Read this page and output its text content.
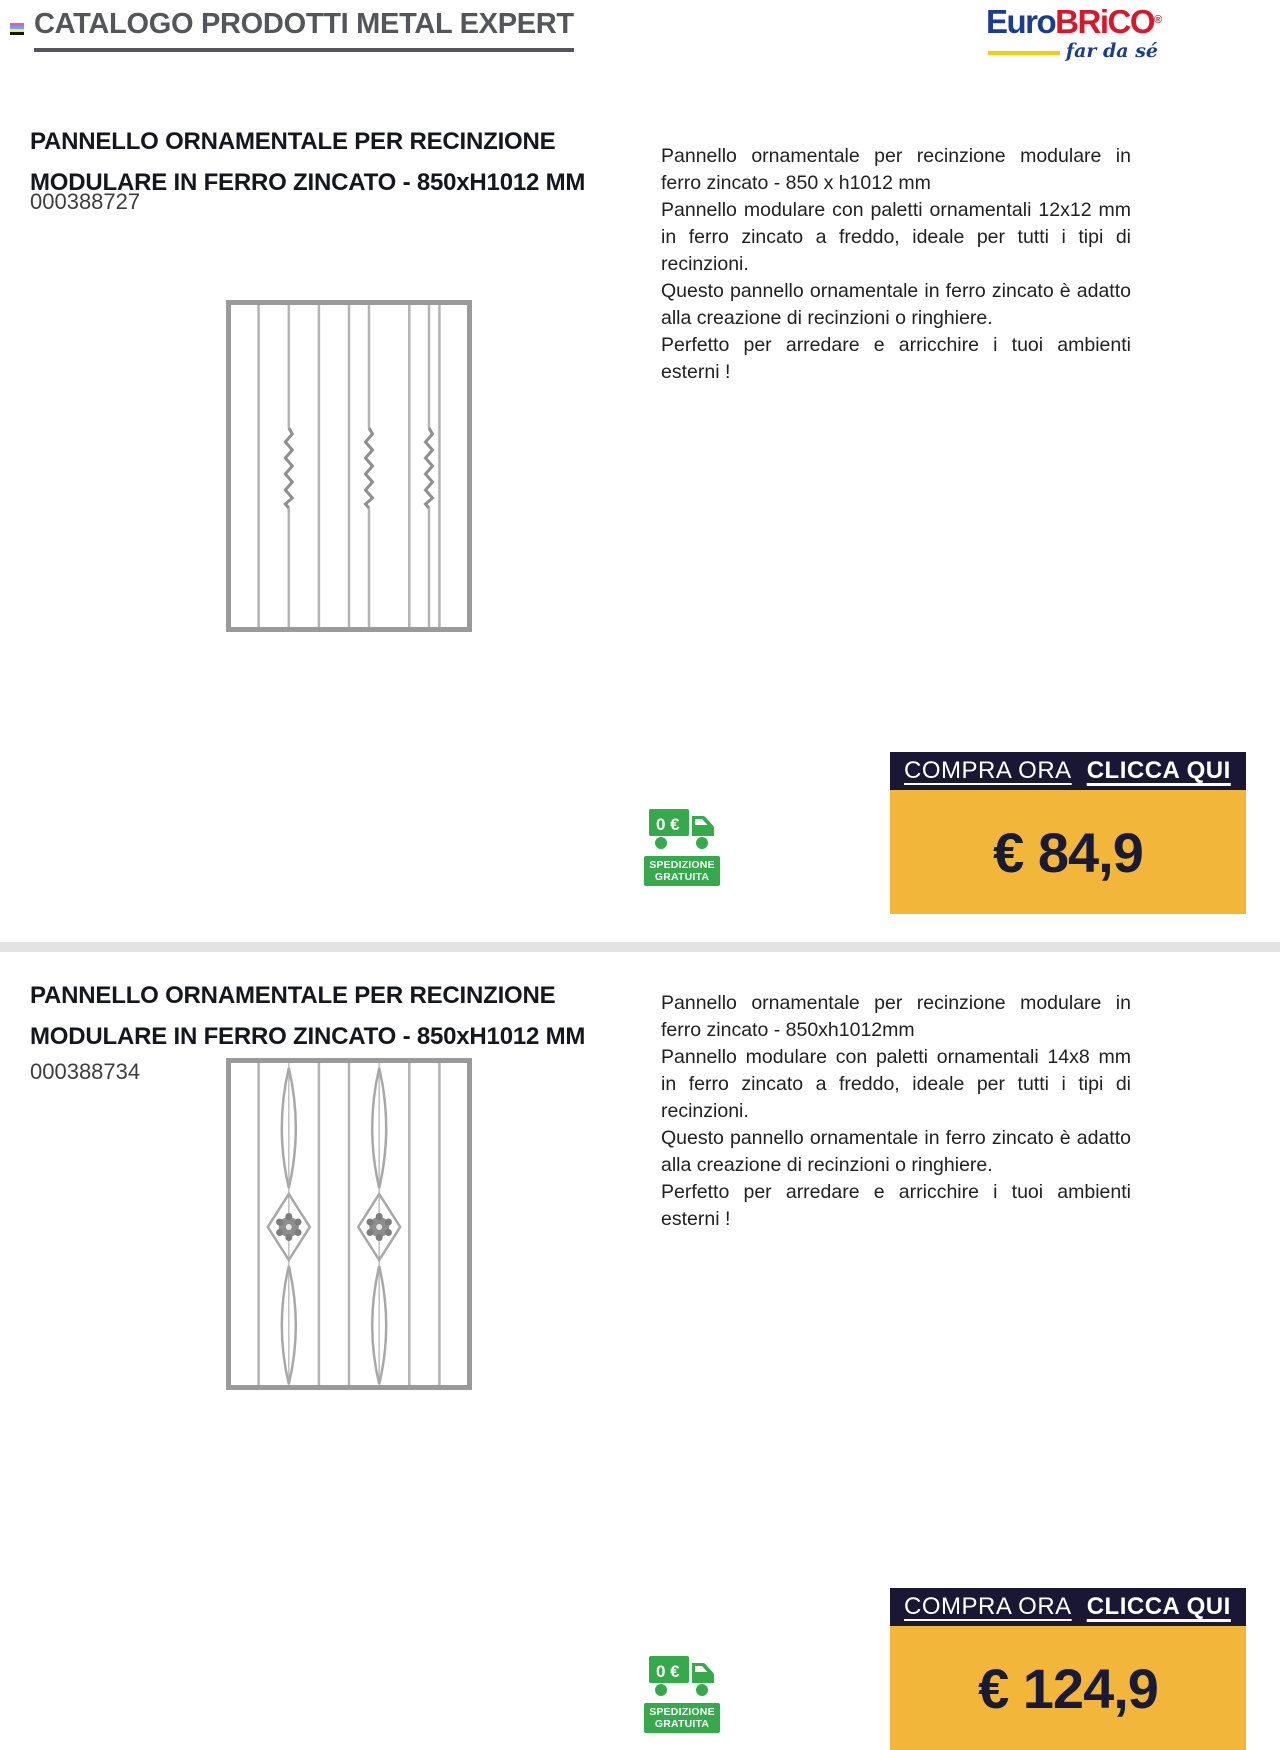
CATALOGO PRODOTTI METAL EXPERT	EuroBRiCO®
far da sé
PANNELLO ORNAMENTALE PER RECINZIONE
MODULARE IN FERRO ZINCATO - 850xH1012 MM
000388727

Pannello ornamentale per recinzione modulare in ferro zincato - 850 x h1012 mm

Pannello modulare con paletti ornamentali 12x12 mm in ferro zincato a freddo, ideale per tutti i tipi di recinzioni.

Questo pannello ornamentale in ferro zincato è adatto alla creazione di recinzioni o ringhiere.

Perfetto per arredare e arricchire i tuoi ambienti esterni !

0 €
SPEDIZIONE
GRATUITA
COMPRA ORA CLICCA QUI
€ 84,9
PANNELLO ORNAMENTALE PER RECINZIONE
MODULARE IN FERRO ZINCATO - 850xH1012 MM
000388734

Pannello ornamentale per recinzione modulare in ferro zincato - 850xh1012mm

Pannello modulare con paletti ornamentali 14x8 mm in ferro zincato a freddo, ideale per tutti i tipi di recinzioni.

Questo pannello ornamentale in ferro zincato è adatto alla creazione di recinzioni o ringhiere.

Perfetto per arredare e arricchire i tuoi ambienti esterni !

0 €
SPEDIZIONE
GRATUITA
COMPRA ORA CLICCA QUI
€ 124,9
